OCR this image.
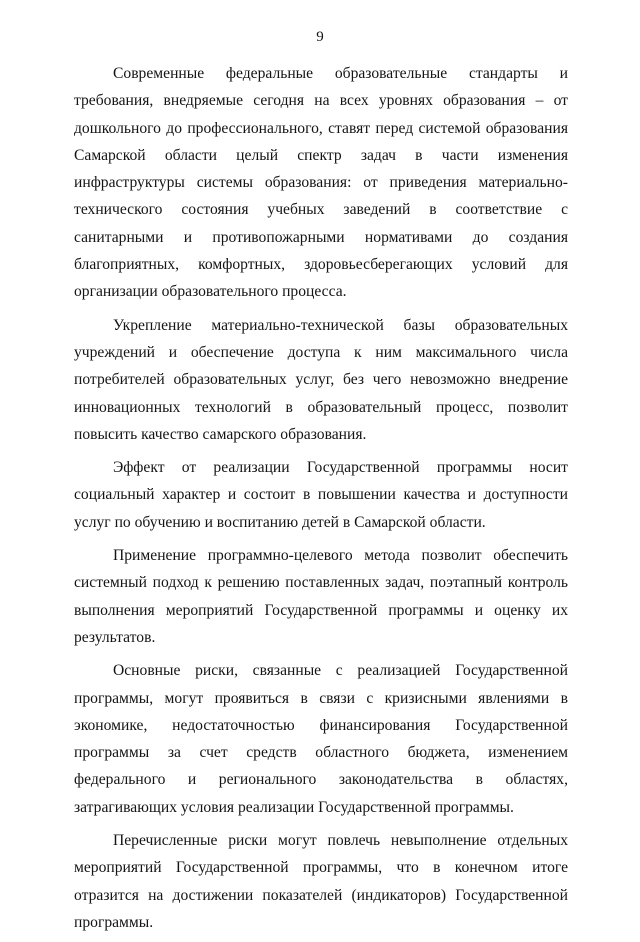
9

Современные федеральные образовательные стандарты и требования, внедряемые сегодня на всех уровнях образования – от дошкольного до профессионального, ставят перед системой образования Самарской области целый спектр задач в части изменения инфраструктуры системы образования: от приведения материально-технического состояния учебных заведений в соответствие с санитарными и противопожарными нормативами до создания благоприятных, комфортных, здоровьесберегающих условий для организации образовательного процесса.

Укрепление материально-технической базы образовательных учреждений и обеспечение доступа к ним максимального числа потребителей образовательных услуг, без чего невозможно внедрение инновационных технологий в образовательный процесс, позволит повысить качество самарского образования.

Эффект от реализации Государственной программы носит социальный характер и состоит в повышении качества и доступности услуг по обучению и воспитанию детей в Самарской области.

Применение программно-целевого метода позволит обеспечить системный подход к решению поставленных задач, поэтапный контроль выполнения мероприятий Государственной программы и оценку их результатов.

Основные риски, связанные с реализацией Государственной программы, могут проявиться в связи с кризисными явлениями в экономике, недостаточностью финансирования Государственной программы за счет средств областного бюджета, изменением федерального и регионального законодательства в областях, затрагивающих условия реализации Государственной программы.

Перечисленные риски могут повлечь невыполнение отдельных мероприятий Государственной программы, что в конечном итоге отразится на достижении показателей (индикаторов) Государственной программы.
